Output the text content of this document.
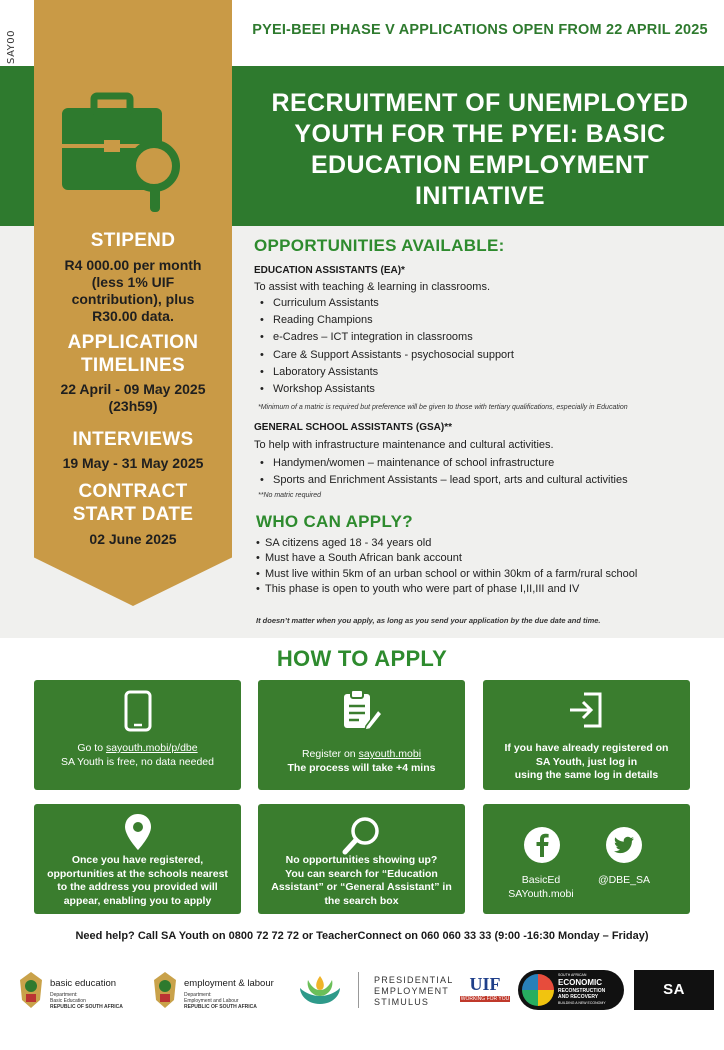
SAY00	PYEI-BEEI PHASE V APPLICATIONS OPEN FROM 22 APRIL 2025
RECRUITMENT OF UNEMPLOYED
YOUTH FOR THE PYEI: BASIC
EDUCATION EMPLOYMENT
INITIATIVE
STIPEND
R4 000.00 per month
(less 1% UIF
contribution), plus
R30.00 data.
APPLICATION
TIMELINES
22 April - 09 May 2025
(23h59)
INTERVIEWS
19 May - 31 May 2025
CONTRACT
START DATE
02 June 2025
OPPORTUNITIES AVAILABLE:
EDUCATION ASSISTANTS (EA)*
To assist with teaching & learning in classrooms.
• Curriculum Assistants
• Reading Champions
• e-Cadres – ICT integration in classrooms
• Care & Support Assistants - psychosocial support
• Laboratory Assistants
• Workshop Assistants
*Minimum of a matric is required but preference will be given to those with tertiary qualifications, especially in Education
GENERAL SCHOOL ASSISTANTS (GSA)**
To help with infrastructure maintenance and cultural activities.
• Handymen/women – maintenance of school infrastructure
• Sports and Enrichment Assistants – lead sport, arts and cultural activities
**No matric required
WHO CAN APPLY?
• SA citizens aged 18 - 34 years old
• Must have a South African bank account
• Must live within 5km of an urban school or within 30km of a farm/rural school
• This phase is open to youth who were part of phase I,II,III and IV
It doesn’t matter when you apply, as long as you send your application by the due date and time.
HOW TO APPLY
Go to sayouth.mobi/p/dbe
SA Youth is free, no data needed
Register on sayouth.mobi
The process will take +4 mins
If you have already registered on
SA Youth, just log in
using the same log in details
Once you have registered,
opportunities at the schools nearest
to the address you provided will
appear, enabling you to apply
No opportunities showing up?
You can search for “Education
Assistant” or “General Assistant” in
the search box
BasicEd
SAYouth.mobi
@DBE_SA
Need help? Call SA Youth on 0800 72 72 72 or TeacherConnect on 060 060 33 33 (9:00 -16:30 Monday – Friday)
basic education
Department:
Basic Education
REPUBLIC OF SOUTH AFRICA
employment & labour
Department:
Employment and Labour
REPUBLIC OF SOUTH AFRICA
PRESIDENTIAL
EMPLOYMENT
STIMULUS
UIF
WORKING FOR YOU
SOUTH AFRICAN
ECONOMIC
RECONSTRUCTION
AND RECOVERY
BUILDING A NEW ECONOMY
SA YOUTH
